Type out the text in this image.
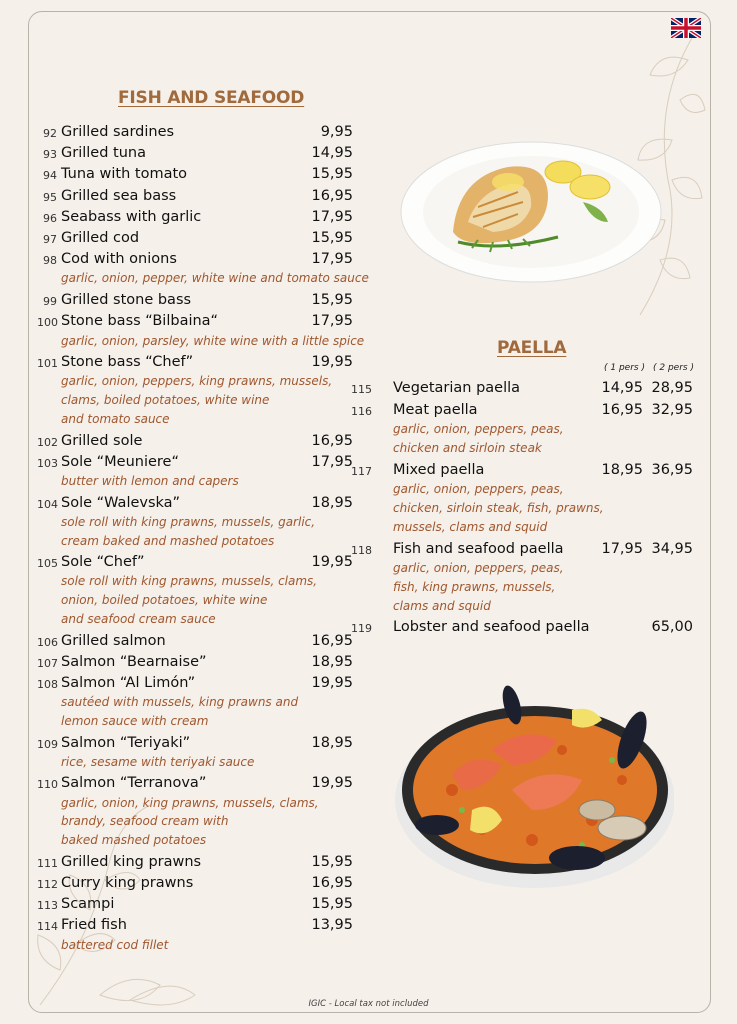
FISH AND SEAFOOD
92 Grilled sardines	9,95
93 Grilled tuna	14,95
94 Tuna with tomato	15,95
95 Grilled sea bass	16,95
96 Seabass with garlic	17,95
97 Grilled cod	15,95
98 Cod with onions	17,95
garlic, onion, pepper, white wine and tomato sauce
99 Grilled stone bass	15,95
100 Stone bass “Bilbaina“	17,95
garlic, onion, parsley, white wine with a little spice
101 Stone bass “Chef”	19,95
garlic, onion, peppers, king prawns, mussels,
clams, boiled potatoes, white wine
and tomato sauce
102 Grilled sole	16,95
103 Sole “Meuniere“	17,95
butter with lemon and capers
104 Sole “Walevska”	18,95
sole roll with king prawns, mussels, garlic,
cream baked and mashed potatoes
105 Sole “Chef”	19,95
sole roll with king prawns, mussels, clams,
onion, boiled potatoes, white wine
and seafood cream sauce
106 Grilled salmon	16,95
107 Salmon “Bearnaise”	18,95
108 Salmon “Al Limón”	19,95
sautéed with mussels, king prawns and
lemon sauce with cream
109 Salmon “Teriyaki”	18,95
rice, sesame with teriyaki sauce
110 Salmon “Terranova”	19,95
garlic, onion, king prawns, mussels, clams,
brandy, seafood cream with
baked mashed potatoes
111 Grilled king prawns	15,95
112 Curry king prawns	16,95
113 Scampi	15,95
114 Fried fish	13,95
battered cod fillet
PAELLA
( 1 pers ) ( 2 pers )
115 Vegetarian paella	14,95 28,95
116 Meat paella	16,95 32,95
garlic, onion, peppers, peas,
chicken and sirloin steak
117 Mixed paella	18,95 36,95
garlic, onion, peppers, peas,
chicken, sirloin steak, fish, prawns,
mussels, clams and squid
118 Fish and seafood paella	17,95 34,95
garlic, onion, peppers, peas,
fish, king prawns, mussels,
clams and squid
119 Lobster and seafood paella	65,00
IGIC - Local tax not included
